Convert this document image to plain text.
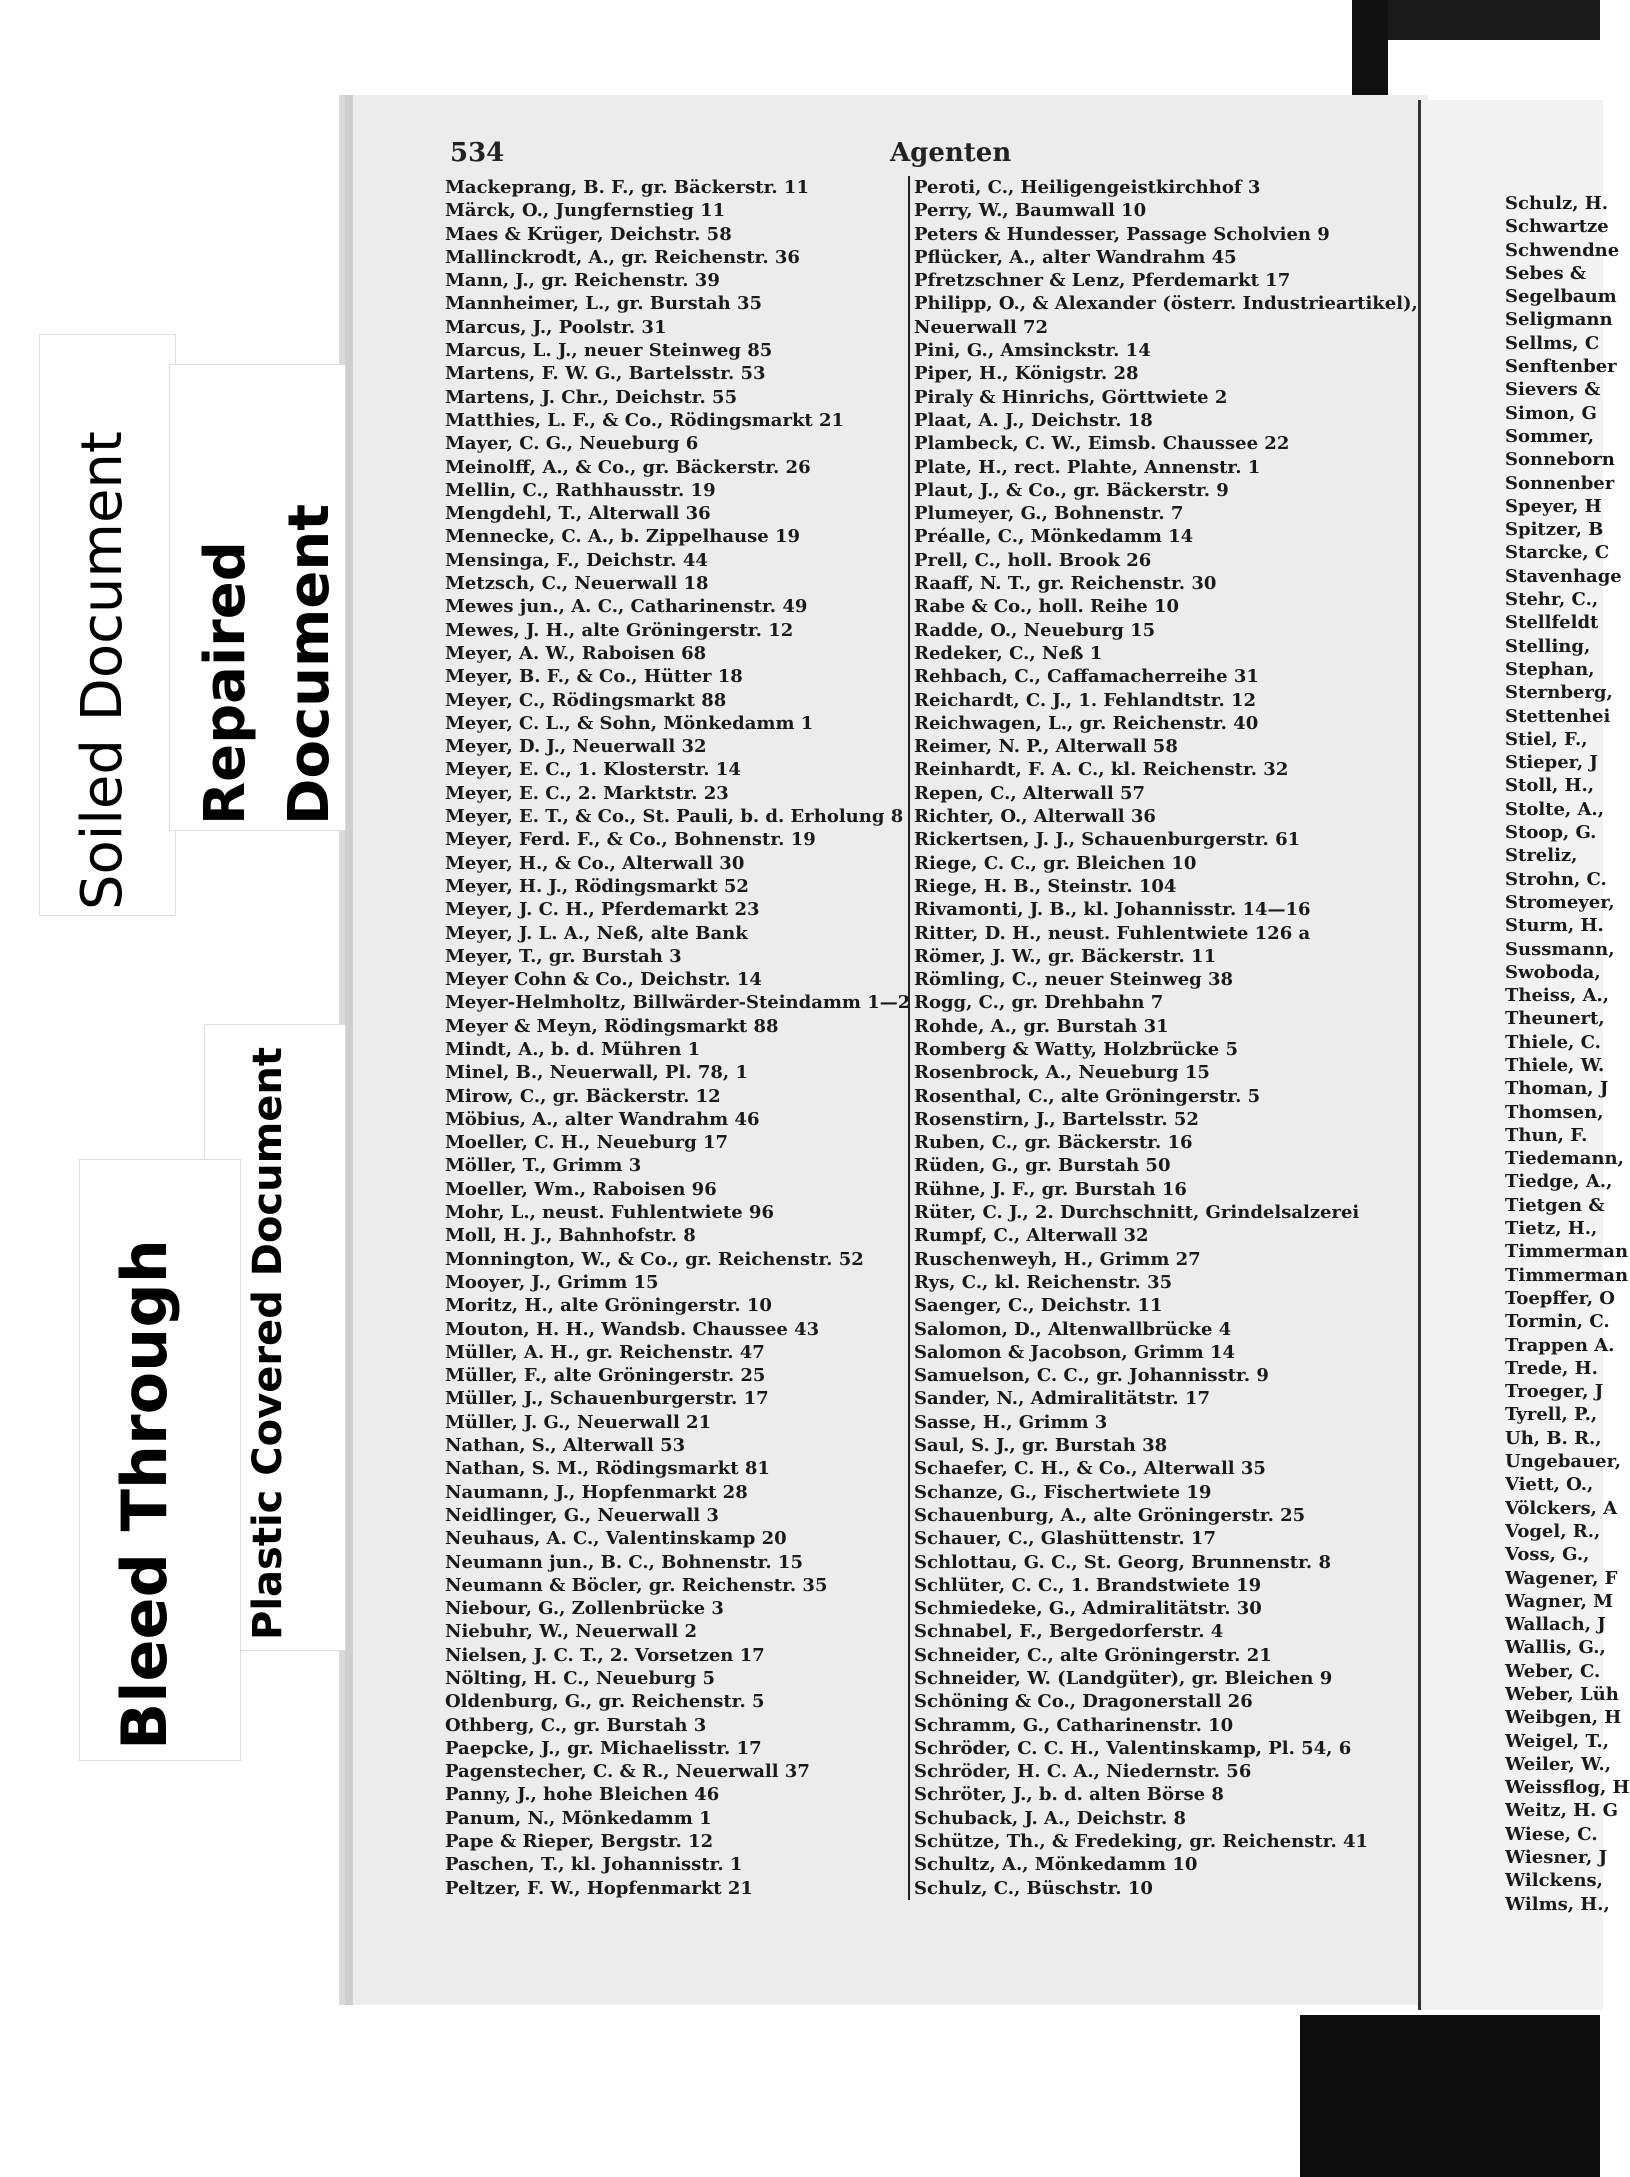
534	Agenten
Mackeprang, B. F., gr. Bäckerstr. 11
Märck, O., Jungfernstieg 11
Maes & Krüger, Deichstr. 58
Mallinckrodt, A., gr. Reichenstr. 36
Mann, J., gr. Reichenstr. 39
Mannheimer, L., gr. Burstah 35
Marcus, J., Poolstr. 31
Marcus, L. J., neuer Steinweg 85
Martens, F. W. G., Bartelsstr. 53
Martens, J. Chr., Deichstr. 55
Matthies, L. F., & Co., Rödingsmarkt 21
Mayer, C. G., Neueburg 6
Meinolff, A., & Co., gr. Bäckerstr. 26
Mellin, C., Rathhausstr. 19
Mengdehl, T., Alterwall 36
Mennecke, C. A., b. Zippelhause 19
Mensinga, F., Deichstr. 44
Metzsch, C., Neuerwall 18
Mewes jun., A. C., Catharinenstr. 49
Mewes, J. H., alte Gröningerstr. 12
Meyer, A. W., Raboisen 68
Meyer, B. F., & Co., Hütter 18
Meyer, C., Rödingsmarkt 88
Meyer, C. L., & Sohn, Mönkedamm 1
Meyer, D. J., Neuerwall 32
Meyer, E. C., 1. Klosterstr. 14
Meyer, E. C., 2. Marktstr. 23
Meyer, E. T., & Co., St. Pauli, b. d. Erholung 8
Meyer, Ferd. F., & Co., Bohnenstr. 19
Meyer, H., & Co., Alterwall 30
Meyer, H. J., Rödingsmarkt 52
Meyer, J. C. H., Pferdemarkt 23
Meyer, J. L. A., Neß, alte Bank
Meyer, T., gr. Burstah 3
Meyer Cohn & Co., Deichstr. 14
Meyer-Helmholtz, Billwärder-Steindamm 1—2
Meyer & Meyn, Rödingsmarkt 88
Mindt, A., b. d. Mühren 1
Minel, B., Neuerwall, Pl. 78, 1
Mirow, C., gr. Bäckerstr. 12
Möbius, A., alter Wandrahm 46
Moeller, C. H., Neueburg 17
Möller, T., Grimm 3
Moeller, Wm., Raboisen 96
Mohr, L., neust. Fuhlentwiete 96
Moll, H. J., Bahnhofstr. 8
Monnington, W., & Co., gr. Reichenstr. 52
Mooyer, J., Grimm 15
Moritz, H., alte Gröningerstr. 10
Mouton, H. H., Wandsb. Chaussee 43
Müller, A. H., gr. Reichenstr. 47
Müller, F., alte Gröningerstr. 25
Müller, J., Schauenburgerstr. 17
Müller, J. G., Neuerwall 21
Nathan, S., Alterwall 53
Nathan, S. M., Rödingsmarkt 81
Naumann, J., Hopfenmarkt 28
Neidlinger, G., Neuerwall 3
Neuhaus, A. C., Valentinskamp 20
Neumann jun., B. C., Bohnenstr. 15
Neumann & Böcler, gr. Reichenstr. 35
Niebour, G., Zollenbrücke 3
Niebuhr, W., Neuerwall 2
Nielsen, J. C. T., 2. Vorsetzen 17
Nölting, H. C., Neueburg 5
Oldenburg, G., gr. Reichenstr. 5
Othberg, C., gr. Burstah 3
Paepcke, J., gr. Michaelisstr. 17
Pagenstecher, C. & R., Neuerwall 37
Panny, J., hohe Bleichen 46
Panum, N., Mönkedamm 1
Pape & Rieper, Bergstr. 12
Paschen, T., kl. Johannisstr. 1
Peltzer, F. W., Hopfenmarkt 21
Peroti, C., Heiligengeistkirchhof 3
Perry, W., Baumwall 10
Peters & Hundesser, Passage Scholvien 9
Pflücker, A., alter Wandrahm 45
Pfretzschner & Lenz, Pferdemarkt 17
Philipp, O., & Alexander (österr. Industrieartikel),
Neuerwall 72
Pini, G., Amsinckstr. 14
Piper, H., Königstr. 28
Piraly & Hinrichs, Görttwiete 2
Plaat, A. J., Deichstr. 18
Plambeck, C. W., Eimsb. Chaussee 22
Plate, H., rect. Plahte, Annenstr. 1
Plaut, J., & Co., gr. Bäckerstr. 9
Plumeyer, G., Bohnenstr. 7
Préalle, C., Mönkedamm 14
Prell, C., holl. Brook 26
Raaff, N. T., gr. Reichenstr. 30
Rabe & Co., holl. Reihe 10
Radde, O., Neueburg 15
Redeker, C., Neß 1
Rehbach, C., Caffamacherreihe 31
Reichardt, C. J., 1. Fehlandtstr. 12
Reichwagen, L., gr. Reichenstr. 40
Reimer, N. P., Alterwall 58
Reinhardt, F. A. C., kl. Reichenstr. 32
Repen, C., Alterwall 57
Richter, O., Alterwall 36
Rickertsen, J. J., Schauenburgerstr. 61
Riege, C. C., gr. Bleichen 10
Riege, H. B., Steinstr. 104
Rivamonti, J. B., kl. Johannisstr. 14—16
Ritter, D. H., neust. Fuhlentwiete 126 a
Römer, J. W., gr. Bäckerstr. 11
Römling, C., neuer Steinweg 38
Rogg, C., gr. Drehbahn 7
Rohde, A., gr. Burstah 31
Romberg & Watty, Holzbrücke 5
Rosenbrock, A., Neueburg 15
Rosenthal, C., alte Gröningerstr. 5
Rosenstirn, J., Bartelsstr. 52
Ruben, C., gr. Bäckerstr. 16
Rüden, G., gr. Burstah 50
Rühne, J. F., gr. Burstah 16
Rüter, C. J., 2. Durchschnitt, Grindelsalzerei
Rumpf, C., Alterwall 32
Ruschenweyh, H., Grimm 27
Rys, C., kl. Reichenstr. 35
Saenger, C., Deichstr. 11
Salomon, D., Altenwallbrücke 4
Salomon & Jacobson, Grimm 14
Samuelson, C. C., gr. Johannisstr. 9
Sander, N., Admiralitätstr. 17
Sasse, H., Grimm 3
Saul, S. J., gr. Burstah 38
Schaefer, C. H., & Co., Alterwall 35
Schanze, G., Fischertwiete 19
Schauenburg, A., alte Gröningerstr. 25
Schauer, C., Glashüttenstr. 17
Schlottau, G. C., St. Georg, Brunnenstr. 8
Schlüter, C. C., 1. Brandstwiete 19
Schmiedeke, G., Admiralitätstr. 30
Schnabel, F., Bergedorferstr. 4
Schneider, C., alte Gröningerstr. 21
Schneider, W. (Landgüter), gr. Bleichen 9
Schöning & Co., Dragonerstall 26
Schramm, G., Catharinenstr. 10
Schröder, C. C. H., Valentinskamp, Pl. 54, 6
Schröder, H. C. A., Niedernstr. 56
Schröter, J., b. d. alten Börse 8
Schuback, J. A., Deichstr. 8
Schütze, Th., & Fredeking, gr. Reichenstr. 41
Schultz, A., Mönkedamm 10
Schulz, C., Büschstr. 10
Schulz, H.
Schwartze
Schwendne
Sebes &
Segelbaum
Seligmann
Sellms, C
Senftenber
Sievers &
Simon, G
Sommer,
Sonneborn
Sonnenber
Speyer, H
Spitzer, B
Starcke, C
Stavenhage
Stehr, C.,
Stellfeldt
Stelling,
Stephan,
Sternberg,
Stettenhei
Stiel, F.,
Stieper, J
Stoll, H.,
Stolte, A.,
Stoop, G.
Streliz,
Strohn, C.
Stromeyer,
Sturm, H.
Sussmann,
Swoboda,
Theiss, A.,
Theunert,
Thiele, C.
Thiele, W.
Thoman, J
Thomsen,
Thun, F.
Tiedemann,
Tiedge, A.,
Tietgen &
Tietz, H.,
Timmerman
Timmerman
Toepffer, O
Tormin, C.
Trappen A.
Trede, H.
Troeger, J
Tyrell, P.,
Uh, B. R.,
Ungebauer,
Viett, O.,
Völckers, A
Vogel, R.,
Voss, G.,
Wagener, F
Wagner, M
Wallach, J
Wallis, G.,
Weber, C.
Weber, Lüh
Weibgen, H
Weigel, T.,
Weiler, W.,
Weissflog, H
Weitz, H. G
Wiese, C.
Wiesner, J
Wilckens,
Wilms, H.,
Soiled Document Repaired Document
Plastic Covered Document
Bleed Through
